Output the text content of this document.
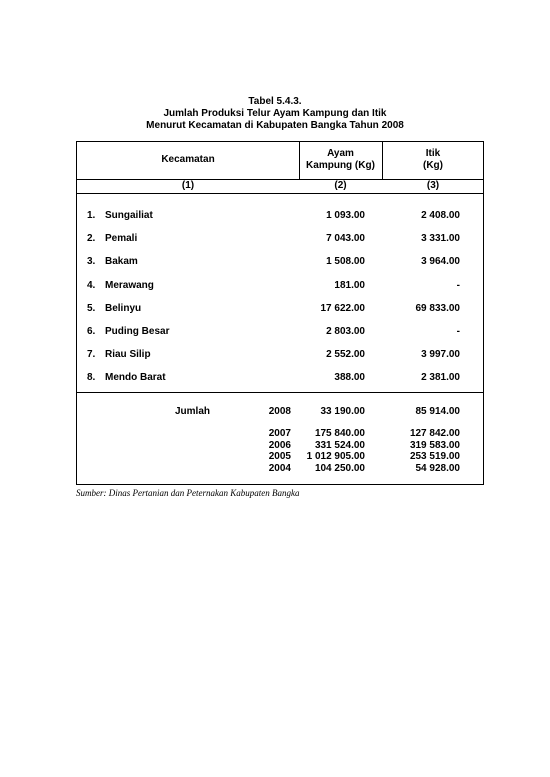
Tabel 5.4.3.
Jumlah Produksi Telur Ayam Kampung dan Itik
Menurut Kecamatan di Kabupaten Bangka Tahun 2008
Kecamatan
Ayam
Kampung (Kg)
Itik
(Kg)
(1)	(2)	(3)
1. Sungailiat	1 093.00	2 408.00
2. Pemali	7 043.00	3 331.00
3. Bakam	1 508.00	3 964.00
4. Merawang	181.00	-
5. Belinyu	17 622.00	69 833.00
6. Puding Besar	2 803.00	-
7. Riau Silip	2 552.00	3 997.00
8. Mendo Barat	388.00	2 381.00
Jumlah	2008	33 190.00	85 914.00
2007	175 840.00	127 842.00
2006	331 524.00	319 583.00
2005	1 012 905.00	253 519.00
2004	104 250.00	54 928.00
Sumber: Dinas Pertanian dan Peternakan Kabupaten Bangka
